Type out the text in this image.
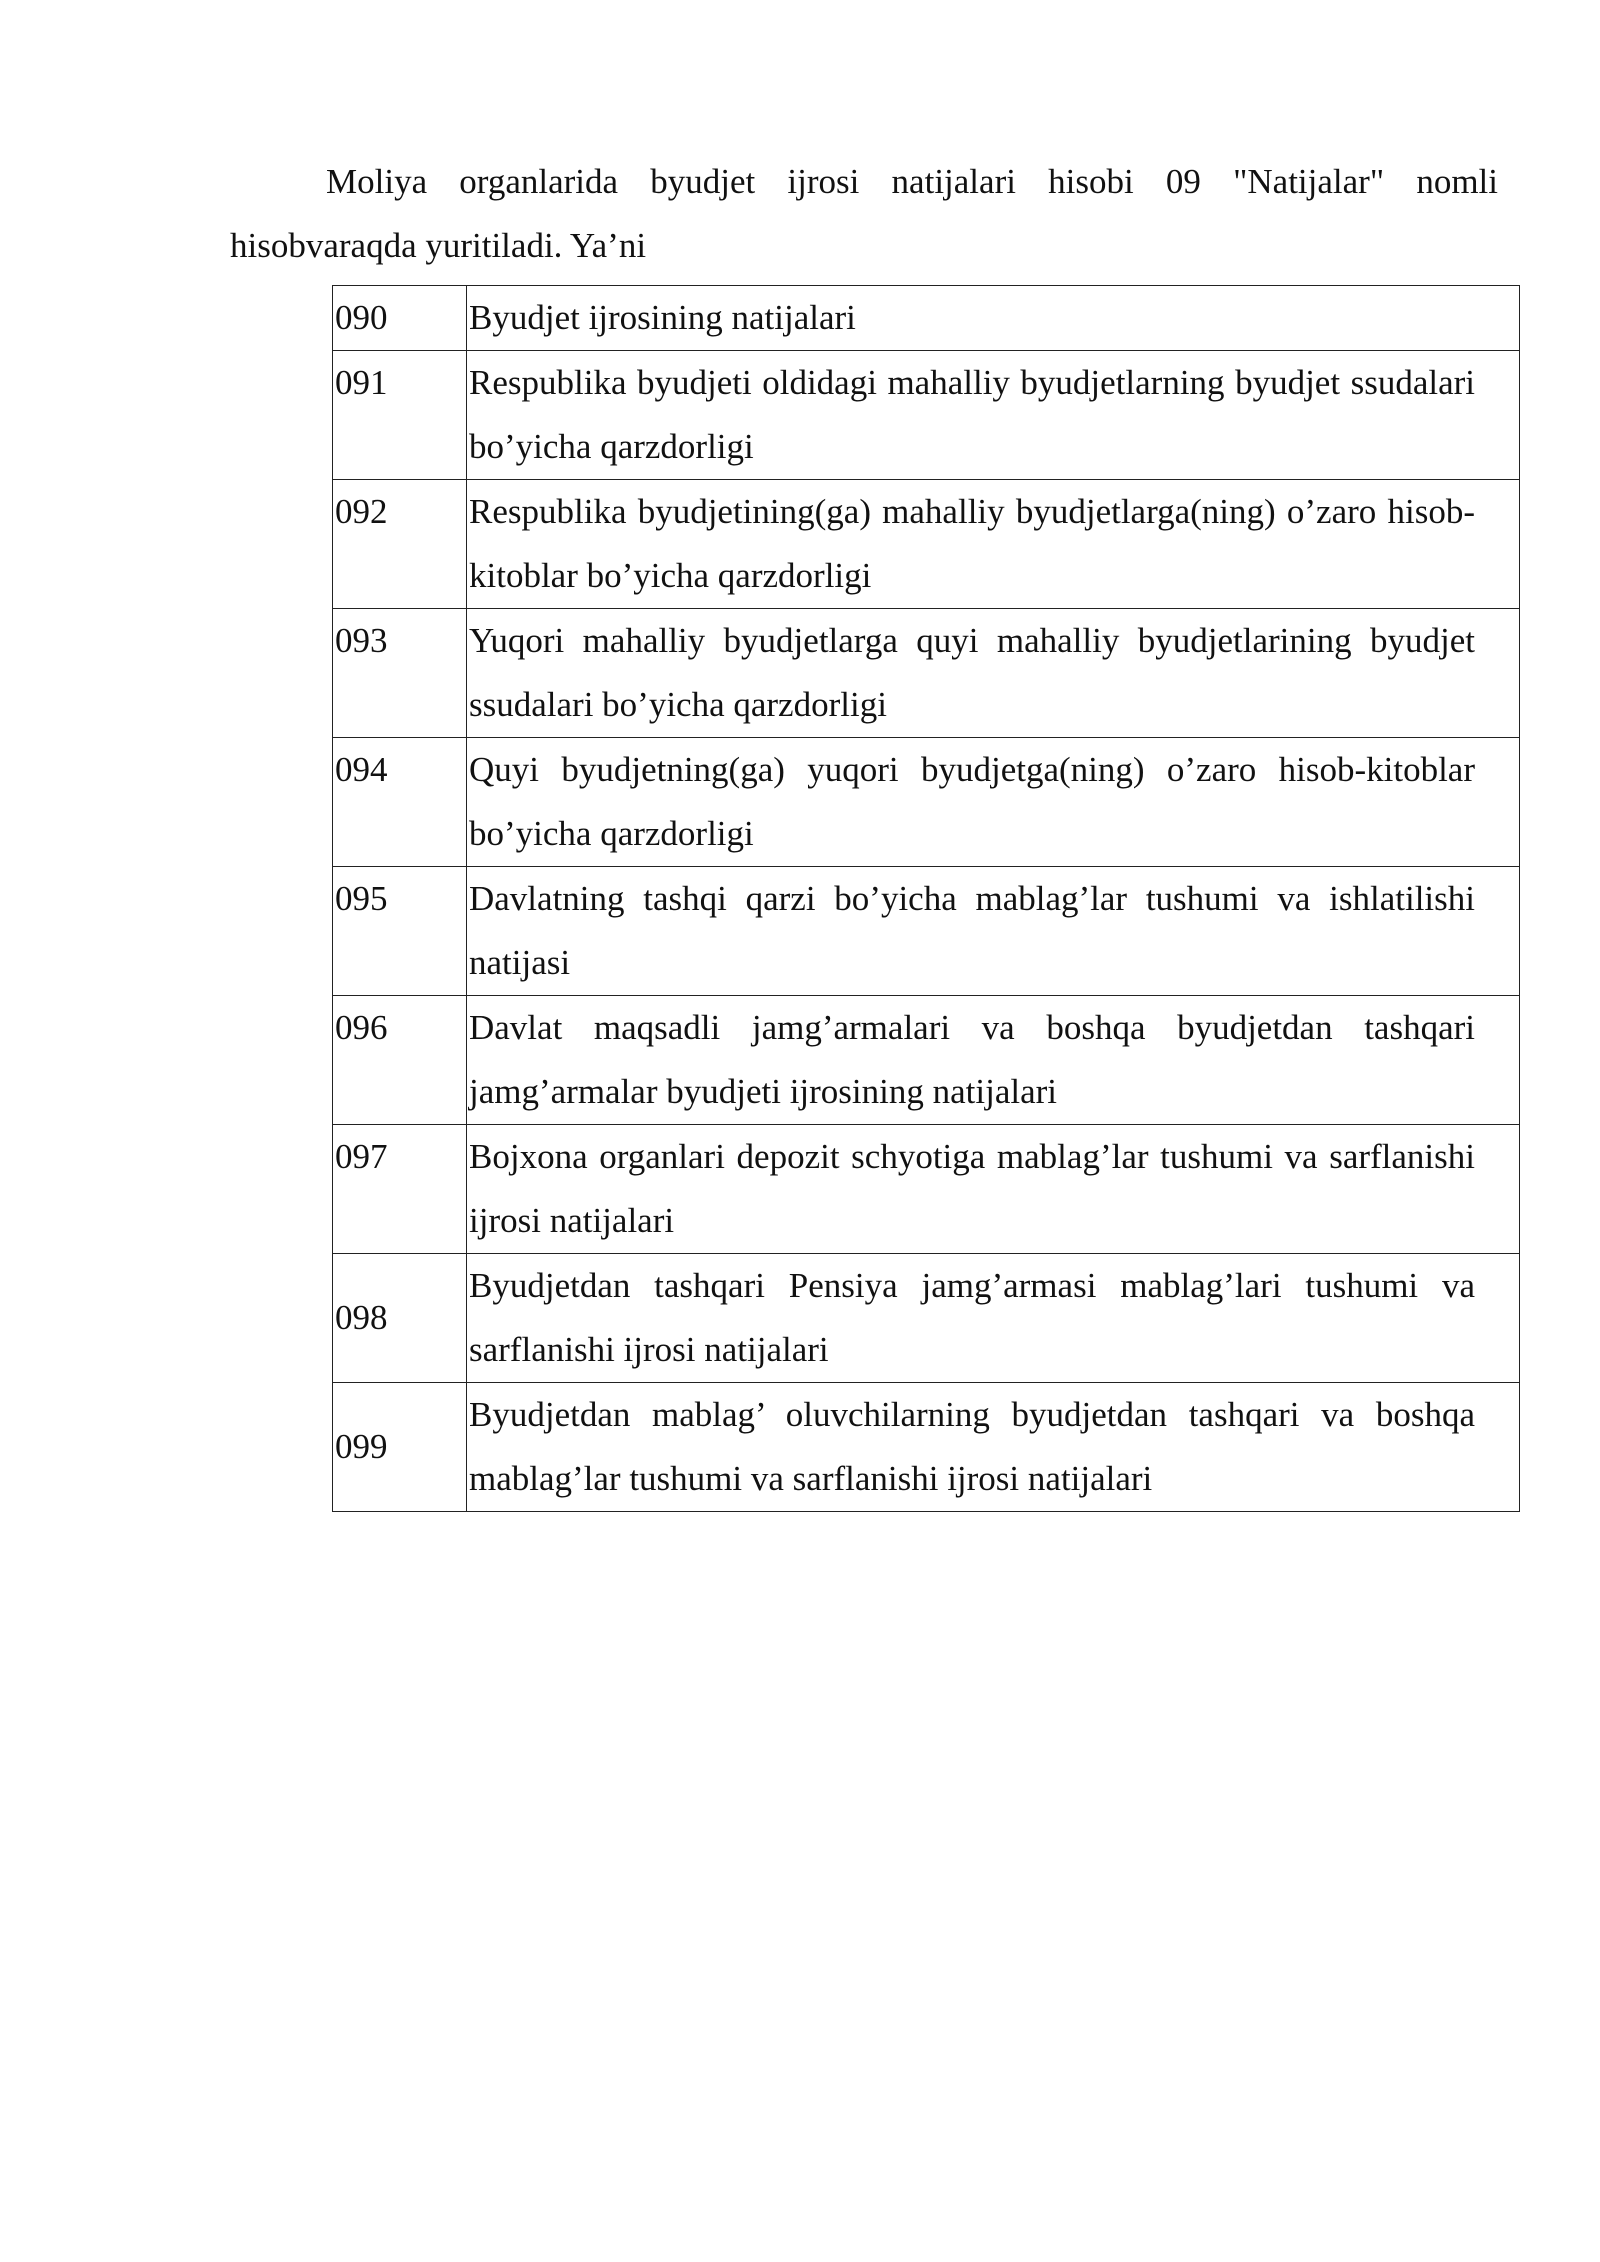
Moliya organlarida byudjet ijrosi natijalari hisobi 09 "Natijalar" nomli hisobvaraqda yuritiladi. Ya’ni

090	Byudjet ijrosining natijalari
091	Respublika byudjeti oldidagi mahalliy byudjetlarning byudjet ssudalari bo’yicha qarzdorligi
092	Respublika byudjetining(ga) mahalliy byudjetlarga(ning) o’zaro hisob-kitoblar bo’yicha qarzdorligi
093	Yuqori mahalliy byudjetlarga quyi mahalliy byudjetlarining byudjet ssudalari bo’yicha qarzdorligi
094	Quyi byudjetning(ga) yuqori byudjetga(ning) o’zaro hisob-kitoblar bo’yicha qarzdorligi
095	Davlatning tashqi qarzi bo’yicha mablag’lar tushumi va ishlatilishi natijasi
096	Davlat maqsadli jamg’armalari va boshqa byudjetdan tashqari jamg’armalar byudjeti ijrosining natijalari
097	Bojxona organlari depozit schyotiga mablag’lar tushumi va sarflanishi ijrosi natijalari
098	Byudjetdan tashqari Pensiya jamg’armasi mablag’lari tushumi va sarflanishi ijrosi natijalari
099	Byudjetdan mablag’ oluvchilarning byudjetdan tashqari va boshqa mablag’lar tushumi va sarflanishi ijrosi natijalari
